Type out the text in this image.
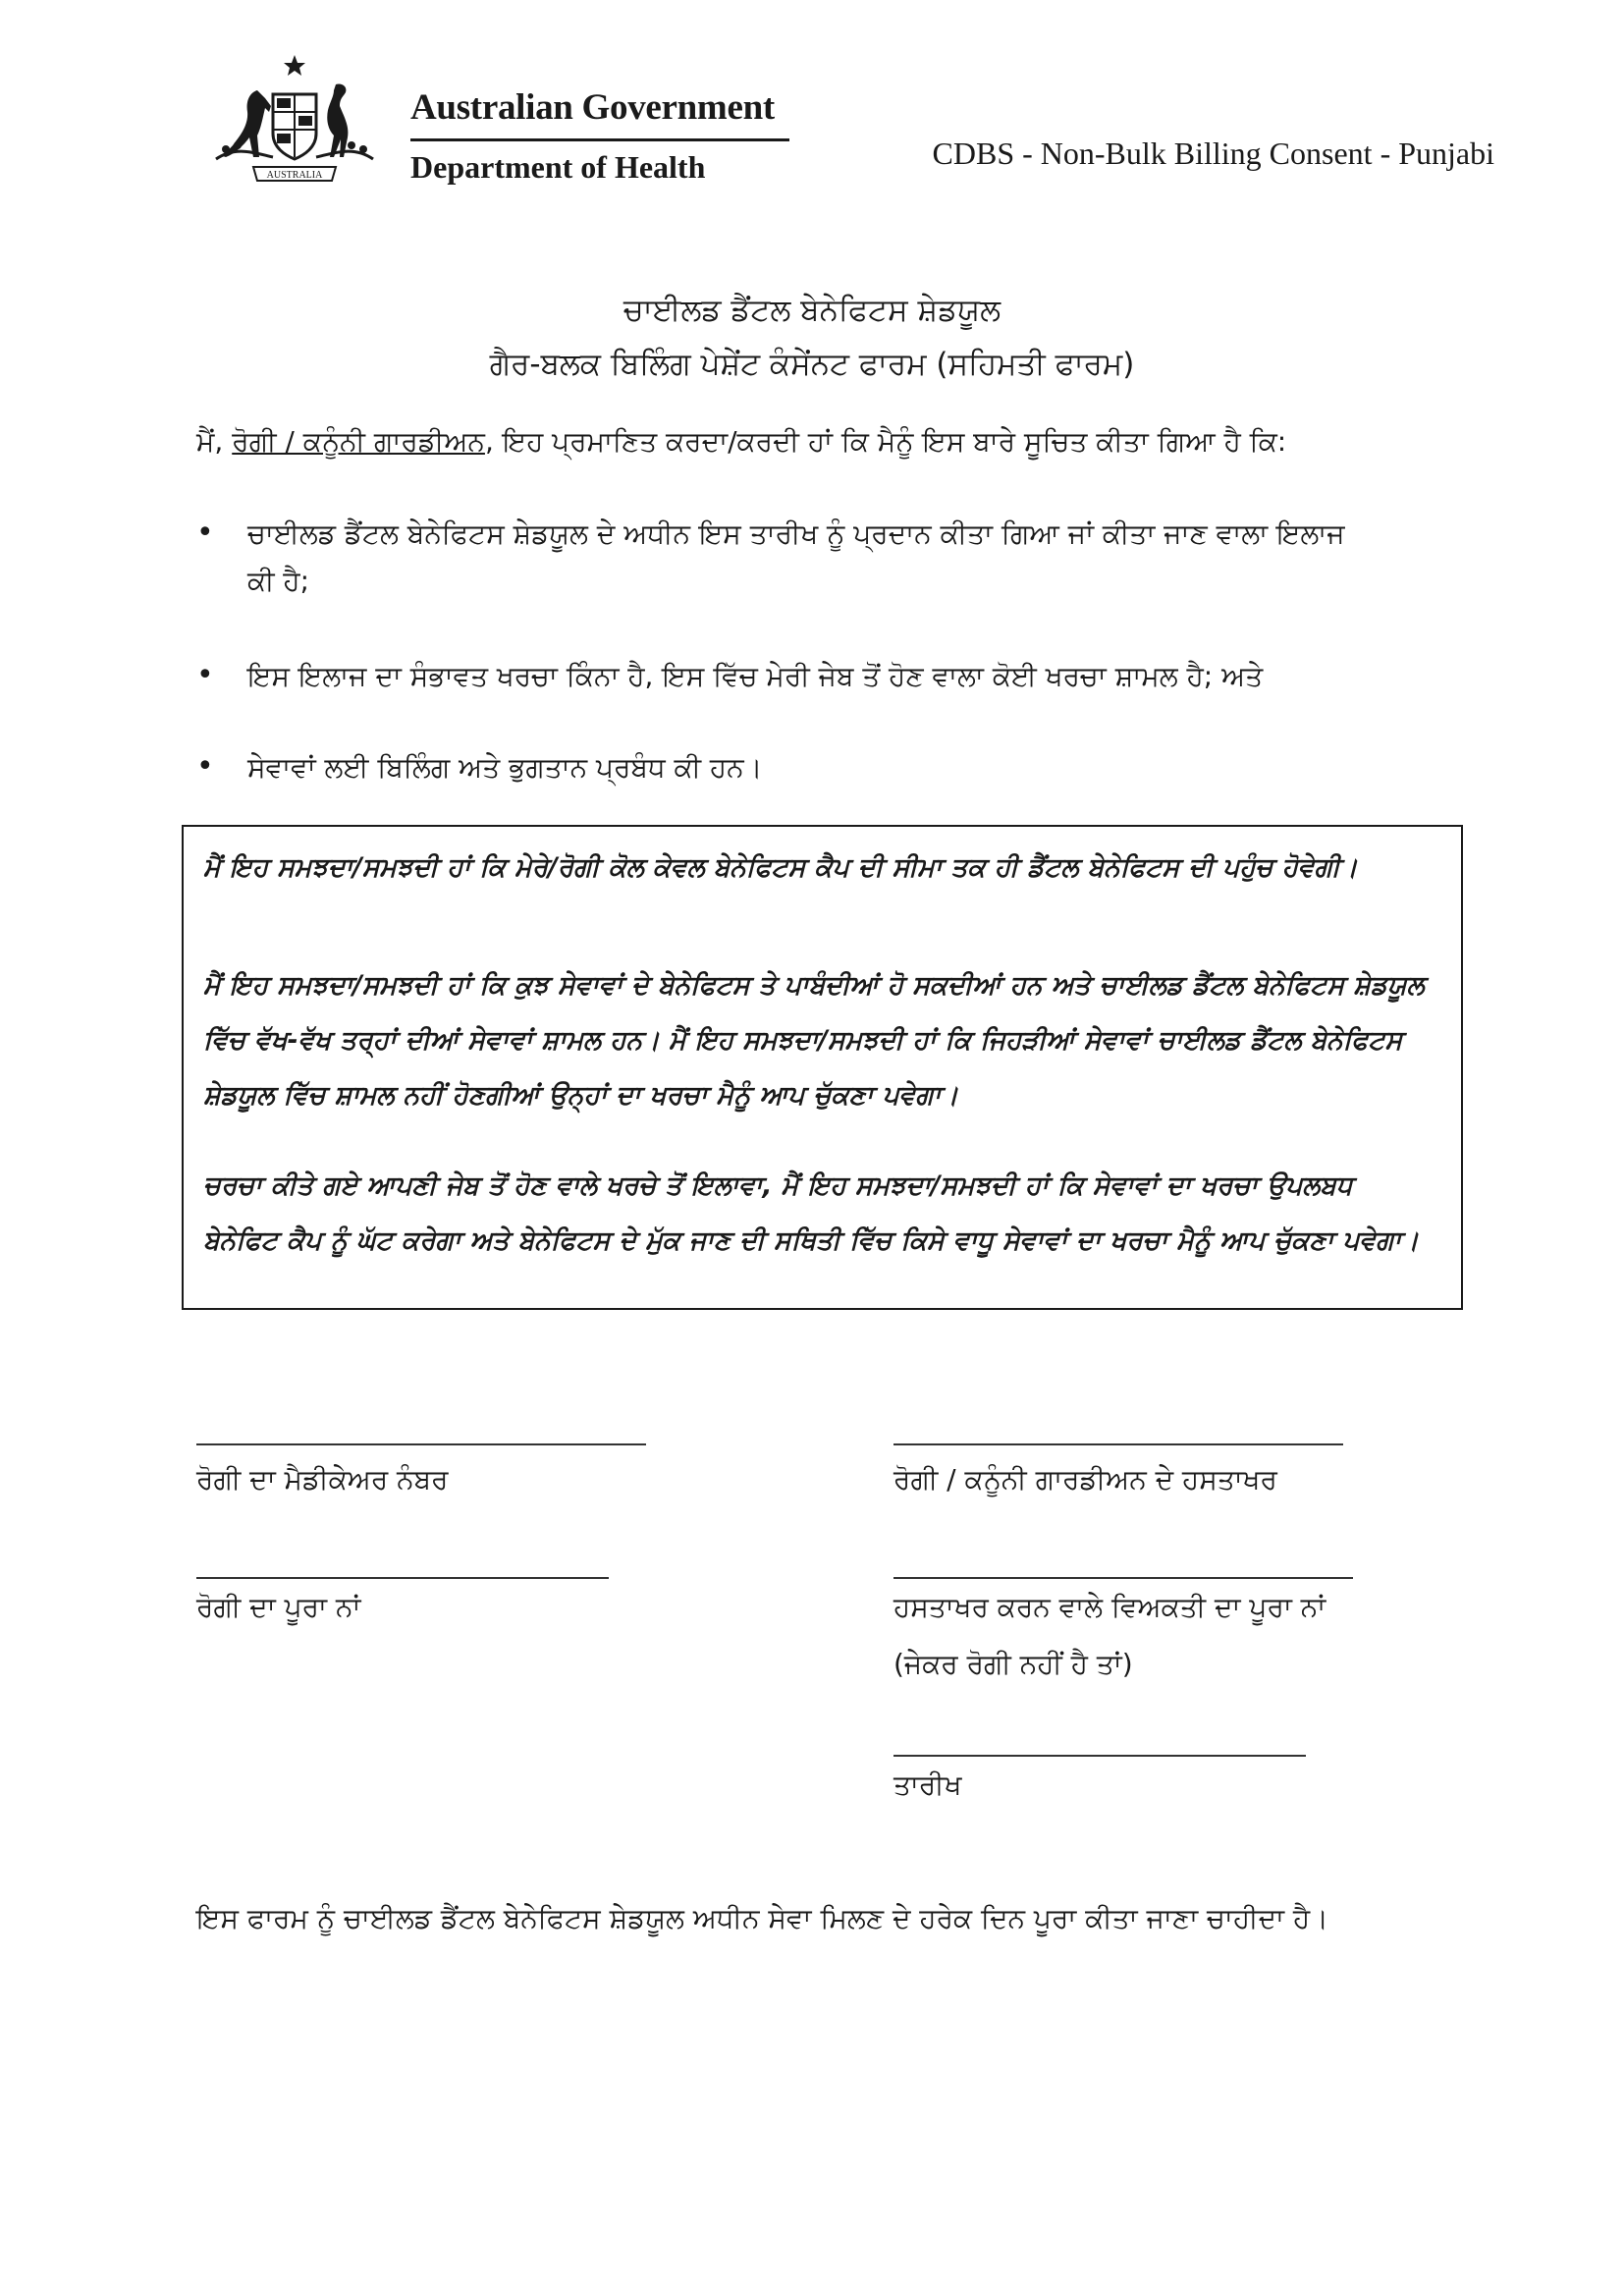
AUSTRALIA
Australian Government
Department of Health	CDBS - Non-Bulk Billing Consent - Punjabi
ਚਾਈਲਡ ਡੈਂਟਲ ਬੇਨੇਫਿਟਸ ਸ਼ੇਡਯੂਲ
ਗੈਰ-ਬਲਕ ਬਿਲਿੰਗ ਪੇਸ਼ੇਂਟ ਕੰਸੇਂਨਟ ਫਾਰਮ (ਸਹਿਮਤੀ ਫਾਰਮ)
ਮੈਂ, ਰੋਗੀ / ਕਨੂੰਨੀ ਗਾਰਡੀਅਨ, ਇਹ ਪ੍ਰਮਾਣਿਤ ਕਰਦਾ/ਕਰਦੀ ਹਾਂ ਕਿ ਮੈਨੂੰ ਇਸ ਬਾਰੇ ਸੂਚਿਤ ਕੀਤਾ ਗਿਆ ਹੈ ਕਿ:
• ਚਾਈਲਡ ਡੈਂਟਲ ਬੇਨੇਫਿਟਸ ਸ਼ੇਡਯੂਲ ਦੇ ਅਧੀਨ ਇਸ ਤਾਰੀਖ ਨੂੰ ਪ੍ਰਦਾਨ ਕੀਤਾ ਗਿਆ ਜਾਂ ਕੀਤਾ ਜਾਣ ਵਾਲਾ ਇਲਾਜ
ਕੀ ਹੈ;
• ਇਸ ਇਲਾਜ ਦਾ ਸੰਭਾਵਤ ਖਰਚਾ ਕਿੰਨਾ ਹੈ, ਇਸ ਵਿੱਚ ਮੇਰੀ ਜੇਬ ਤੋਂ ਹੋਣ ਵਾਲਾ ਕੋਈ ਖਰਚਾ ਸ਼ਾਮਲ ਹੈ; ਅਤੇ
• ਸੇਵਾਵਾਂ ਲਈ ਬਿਲਿੰਗ ਅਤੇ ਭੁਗਤਾਨ ਪ੍ਰਬੰਧ ਕੀ ਹਨ।

ਮੈਂ ਇਹ ਸਮਝਦਾ/ਸਮਝਦੀ ਹਾਂ ਕਿ ਮੇਰੇ/ਰੋਗੀ ਕੋਲ ਕੇਵਲ ਬੇਨੇਫਿਟਸ ਕੈਪ ਦੀ ਸੀਮਾ ਤਕ ਹੀ ਡੈਂਟਲ ਬੇਨੇਫਿਟਸ ਦੀ ਪਹੁੰਚ ਹੋਵੇਗੀ।

ਮੈਂ ਇਹ ਸਮਝਦਾ/ਸਮਝਦੀ ਹਾਂ ਕਿ ਕੁਝ ਸੇਵਾਵਾਂ ਦੇ ਬੇਨੇਫਿਟਸ ਤੇ ਪਾਬੰਦੀਆਂ ਹੋ ਸਕਦੀਆਂ ਹਨ ਅਤੇ ਚਾਈਲਡ ਡੈਂਟਲ ਬੇਨੇਫਿਟਸ ਸ਼ੇਡਯੂਲ ਵਿੱਚ ਵੱਖ-ਵੱਖ ਤਰ੍ਹਾਂ ਦੀਆਂ ਸੇਵਾਵਾਂ ਸ਼ਾਮਲ ਹਨ। ਮੈਂ ਇਹ ਸਮਝਦਾ/ਸਮਝਦੀ ਹਾਂ ਕਿ ਜਿਹੜੀਆਂ ਸੇਵਾਵਾਂ ਚਾਈਲਡ ਡੈਂਟਲ ਬੇਨੇਫਿਟਸ ਸ਼ੇਡਯੂਲ ਵਿੱਚ ਸ਼ਾਮਲ ਨਹੀਂ ਹੋਣਗੀਆਂ ਉਨ੍ਹਾਂ ਦਾ ਖਰਚਾ ਮੈਨੂੰ ਆਪ ਚੁੱਕਣਾ ਪਵੇਗਾ।

ਚਰਚਾ ਕੀਤੇ ਗਏ ਆਪਣੀ ਜੇਬ ਤੋਂ ਹੋਣ ਵਾਲੇ ਖਰਚੇ ਤੋਂ ਇਲਾਵਾ, ਮੈਂ ਇਹ ਸਮਝਦਾ/ਸਮਝਦੀ ਹਾਂ ਕਿ ਸੇਵਾਵਾਂ ਦਾ ਖਰਚਾ ਉਪਲਬਧ ਬੇਨੇਫਿਟ ਕੈਪ ਨੂੰ ਘੱਟ ਕਰੇਗਾ ਅਤੇ ਬੇਨੇਫਿਟਸ ਦੇ ਮੁੱਕ ਜਾਣ ਦੀ ਸਥਿਤੀ ਵਿੱਚ ਕਿਸੇ ਵਾਧੂ ਸੇਵਾਵਾਂ ਦਾ ਖਰਚਾ ਮੈਨੂੰ ਆਪ ਚੁੱਕਣਾ ਪਵੇਗਾ।

ਰੋਗੀ ਦਾ ਮੈਡੀਕੇਅਰ ਨੰਬਰ	ਰੋਗੀ / ਕਨੂੰਨੀ ਗਾਰਡੀਅਨ ਦੇ ਹਸਤਾਖਰ
ਰੋਗੀ ਦਾ ਪੂਰਾ ਨਾਂ	ਹਸਤਾਖਰ ਕਰਨ ਵਾਲੇ ਵਿਅਕਤੀ ਦਾ ਪੂਰਾ ਨਾਂ
(ਜੇਕਰ ਰੋਗੀ ਨਹੀਂ ਹੈ ਤਾਂ)
ਤਾਰੀਖ
ਇਸ ਫਾਰਮ ਨੂੰ ਚਾਈਲਡ ਡੈਂਟਲ ਬੇਨੇਫਿਟਸ ਸ਼ੇਡਯੂਲ ਅਧੀਨ ਸੇਵਾ ਮਿਲਣ ਦੇ ਹਰੇਕ ਦਿਨ ਪੂਰਾ ਕੀਤਾ ਜਾਣਾ ਚਾਹੀਦਾ ਹੈ।
